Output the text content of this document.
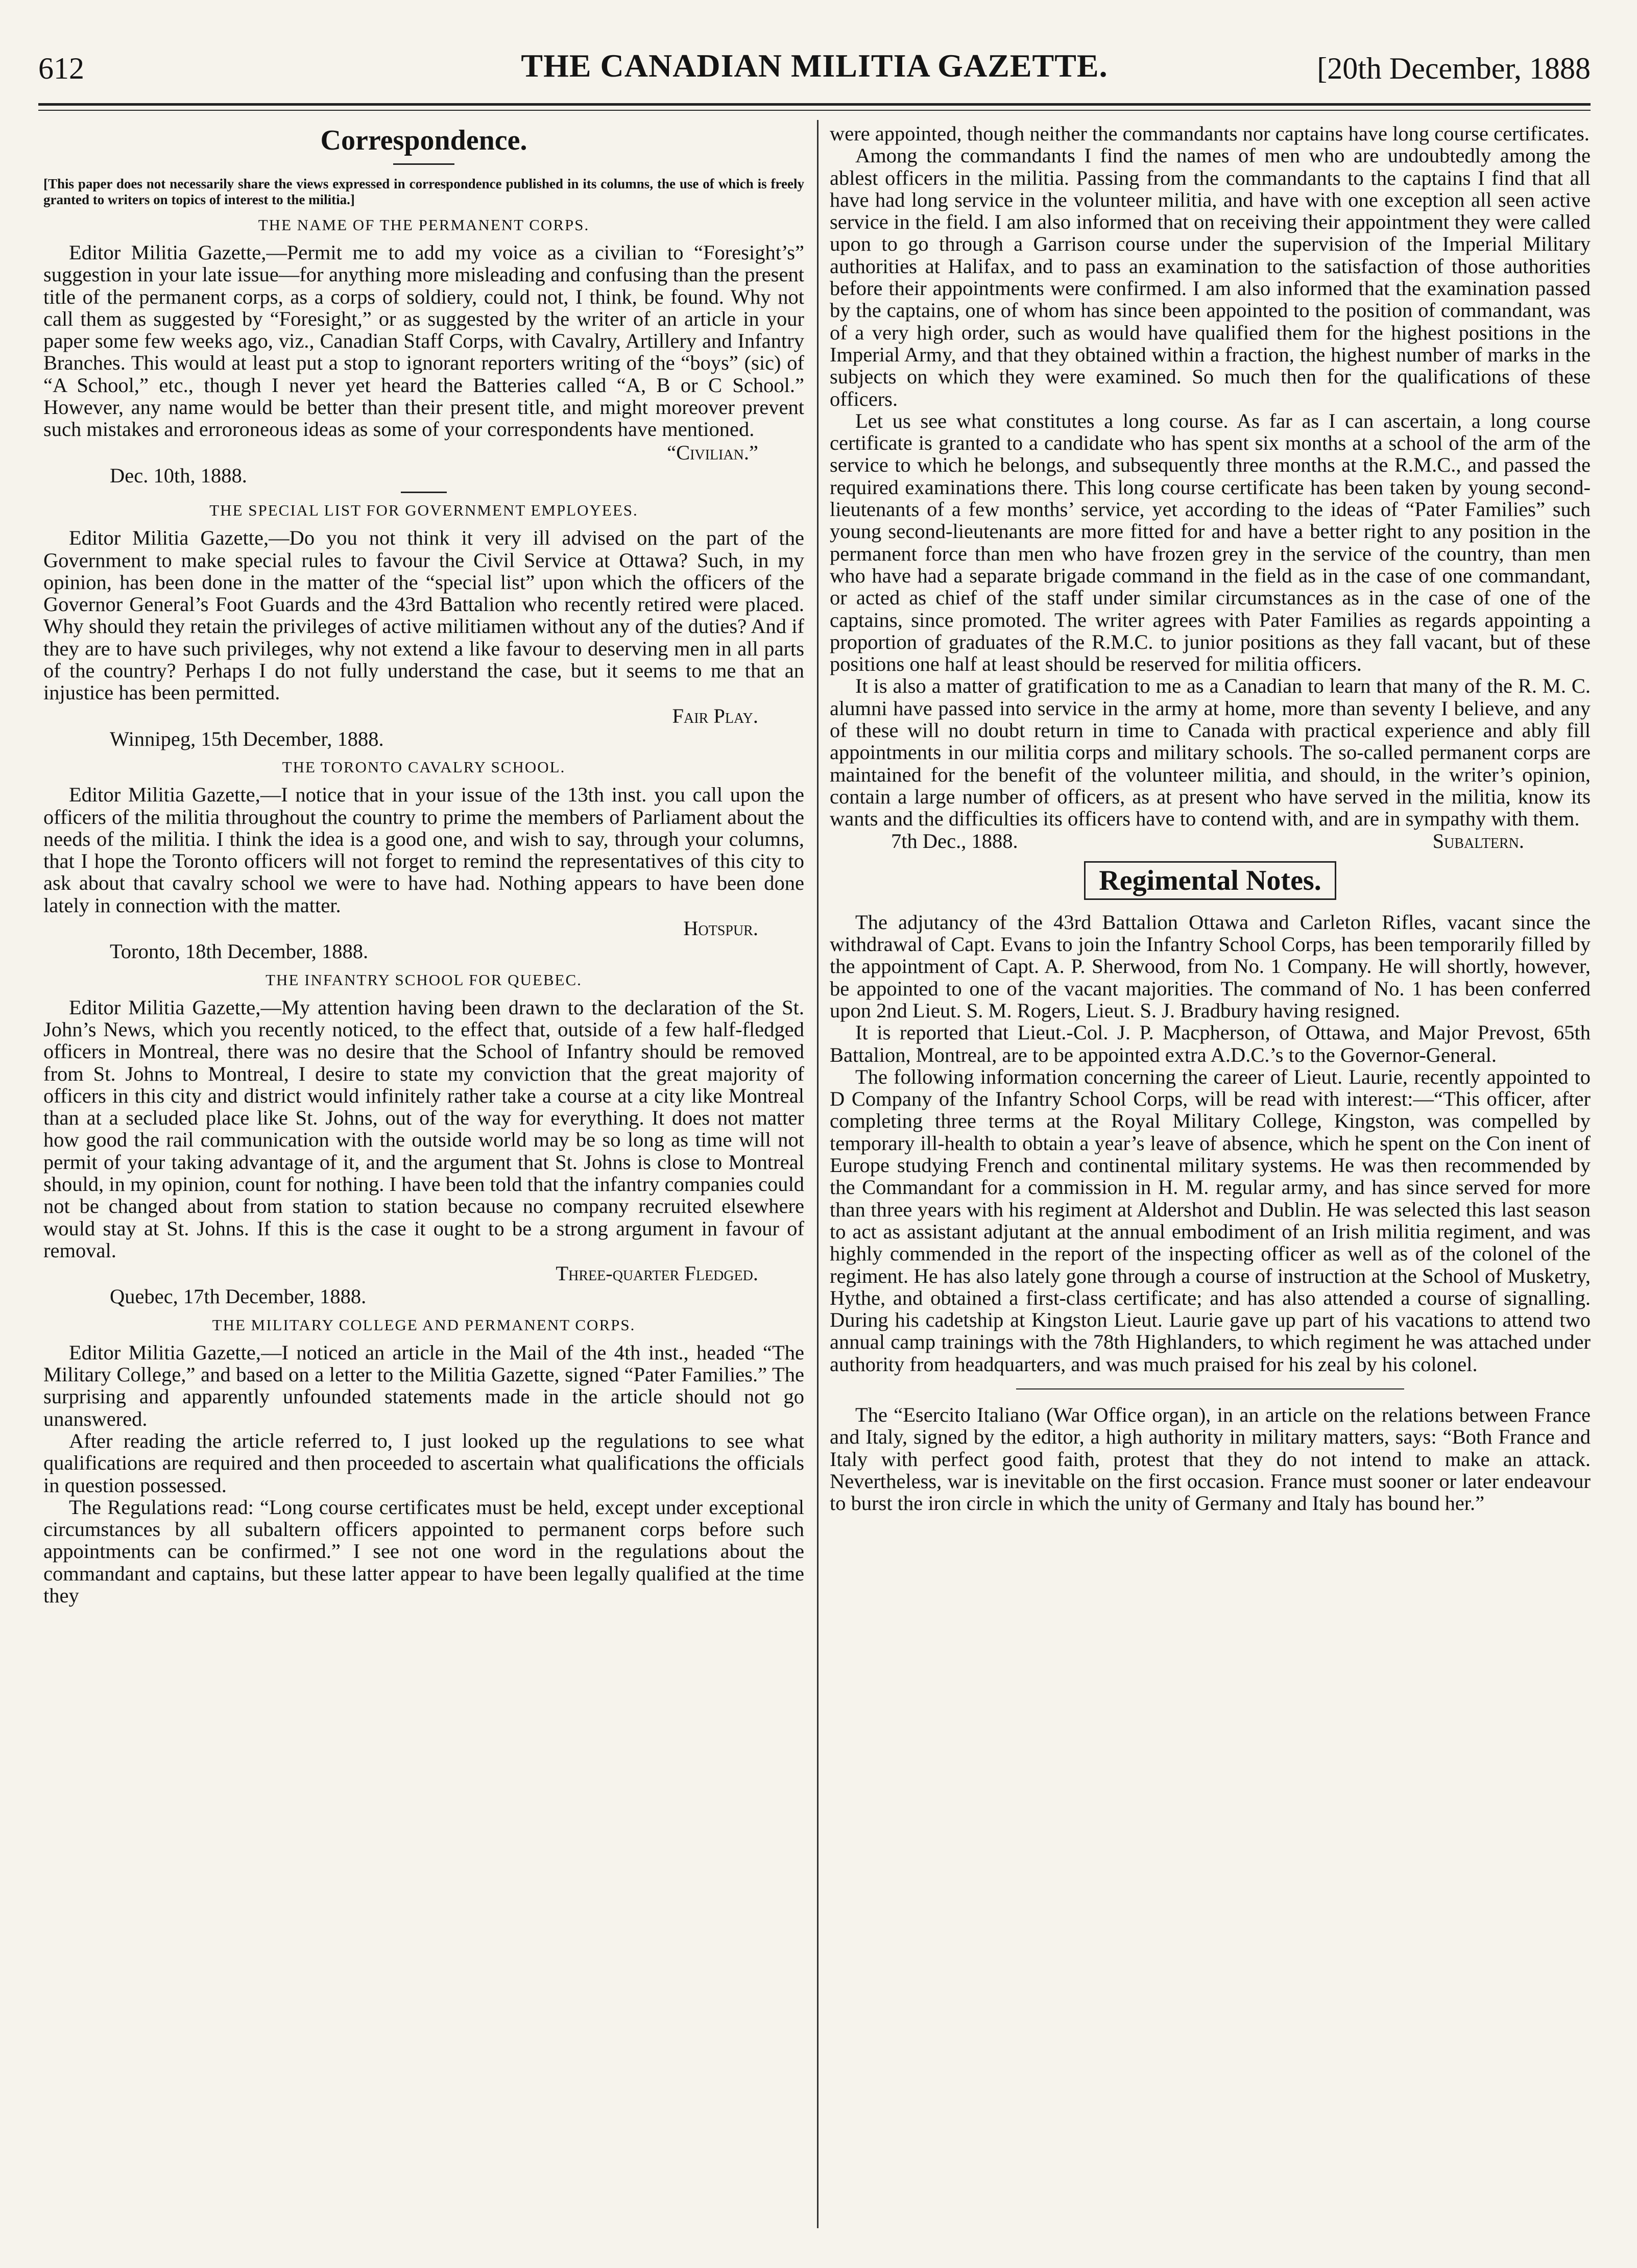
612	THE CANADIAN MILITIA GAZETTE.	[20th December, 1888
Correspondence.

[This paper does not necessarily share the views expressed in correspondence published in its columns, the use of which is freely granted to writers on topics of interest to the militia.]

THE NAME OF THE PERMANENT CORPS.

Editor Militia Gazette,—Permit me to add my voice as a civilian to “Foresight’s” suggestion in your late issue—for anything more misleading and confusing than the present title of the permanent corps, as a corps of soldiery, could not, I think, be found. Why not call them as suggested by “Foresight,” or as suggested by the writer of an article in your paper some few weeks ago, viz., Canadian Staff Corps, with Cavalry, Artillery and Infantry Branches. This would at least put a stop to ignorant reporters writing of the “boys” (sic) of “A School,” etc., though I never yet heard the Batteries called “A, B or C School.” However, any name would be better than their present title, and might moreover prevent such mistakes and erroroneous ideas as some of your correspondents have mentioned.

“Civilian.”
Dec. 10th, 1888.
THE SPECIAL LIST FOR GOVERNMENT EMPLOYEES.

Editor Militia Gazette,—Do you not think it very ill advised on the part of the Government to make special rules to favour the Civil Service at Ottawa? Such, in my opinion, has been done in the matter of the “special list” upon which the officers of the Governor General’s Foot Guards and the 43rd Battalion who recently retired were placed. Why should they retain the privileges of active militiamen without any of the duties? And if they are to have such privileges, why not extend a like favour to deserving men in all parts of the country? Perhaps I do not fully understand the case, but it seems to me that an injustice has been permitted.

Fair Play.
Winnipeg, 15th December, 1888.
THE TORONTO CAVALRY SCHOOL.

Editor Militia Gazette,—I notice that in your issue of the 13th inst. you call upon the officers of the militia throughout the country to prime the members of Parliament about the needs of the militia. I think the idea is a good one, and wish to say, through your columns, that I hope the Toronto officers will not forget to remind the representatives of this city to ask about that cavalry school we were to have had. Nothing appears to have been done lately in connection with the matter.

Hotspur.
Toronto, 18th December, 1888.
THE INFANTRY SCHOOL FOR QUEBEC.

Editor Militia Gazette,—My attention having been drawn to the declaration of the St. John’s News, which you recently noticed, to the effect that, outside of a few half-fledged officers in Montreal, there was no desire that the School of Infantry should be removed from St. Johns to Montreal, I desire to state my conviction that the great majority of officers in this city and district would infinitely rather take a course at a city like Montreal than at a secluded place like St. Johns, out of the way for everything. It does not matter how good the rail communication with the outside world may be so long as time will not permit of your taking advantage of it, and the argument that St. Johns is close to Montreal should, in my opinion, count for nothing. I have been told that the infantry companies could not be changed about from station to station because no company recruited elsewhere would stay at St. Johns. If this is the case it ought to be a strong argument in favour of removal.

Three-quarter Fledged.
Quebec, 17th December, 1888.
THE MILITARY COLLEGE AND PERMANENT CORPS.

Editor Militia Gazette,—I noticed an article in the Mail of the 4th inst., headed “The Military College,” and based on a letter to the Militia Gazette, signed “Pater Families.” The surprising and apparently unfounded statements made in the article should not go unanswered.

After reading the article referred to, I just looked up the regulations to see what qualifications are required and then proceeded to ascertain what qualifications the officials in question possessed.

The Regulations read: “Long course certificates must be held, except under exceptional circumstances by all subaltern officers appointed to permanent corps before such appointments can be confirmed.” I see not one word in the regulations about the commandant and captains, but these latter appear to have been legally qualified at the time they

were appointed, though neither the commandants nor captains have long course certificates.

Among the commandants I find the names of men who are undoubtedly among the ablest officers in the militia. Passing from the commandants to the captains I find that all have had long service in the volunteer militia, and have with one exception all seen active service in the field. I am also informed that on receiving their appointment they were called upon to go through a Garrison course under the supervision of the Imperial Military authorities at Halifax, and to pass an examination to the satisfaction of those authorities before their appointments were confirmed. I am also informed that the examination passed by the captains, one of whom has since been appointed to the position of commandant, was of a very high order, such as would have qualified them for the highest positions in the Imperial Army, and that they obtained within a fraction, the highest number of marks in the subjects on which they were examined. So much then for the qualifications of these officers.

Let us see what constitutes a long course. As far as I can ascertain, a long course certificate is granted to a candidate who has spent six months at a school of the arm of the service to which he belongs, and subsequently three months at the R.M.C., and passed the required examinations there. This long course certificate has been taken by young second-lieutenants of a few months’ service, yet according to the ideas of “Pater Families” such young second-lieutenants are more fitted for and have a better right to any position in the permanent force than men who have frozen grey in the service of the country, than men who have had a separate brigade command in the field as in the case of one commandant, or acted as chief of the staff under similar circumstances as in the case of one of the captains, since promoted. The writer agrees with Pater Families as regards appointing a proportion of graduates of the R.M.C. to junior positions as they fall vacant, but of these positions one half at least should be reserved for militia officers.

It is also a matter of gratification to me as a Canadian to learn that many of the R. M. C. alumni have passed into service in the army at home, more than seventy I believe, and any of these will no doubt return in time to Canada with practical experience and ably fill appointments in our militia corps and military schools. The so-called permanent corps are maintained for the benefit of the volunteer militia, and should, in the writer’s opinion, contain a large number of officers, as at present who have served in the militia, know its wants and the difficulties its officers have to contend with, and are in sympathy with them.

7th Dec., 1888.	Subaltern.
Regimental Notes.

The adjutancy of the 43rd Battalion Ottawa and Carleton Rifles, vacant since the withdrawal of Capt. Evans to join the Infantry School Corps, has been temporarily filled by the appointment of Capt. A. P. Sherwood, from No. 1 Company. He will shortly, however, be appointed to one of the vacant majorities. The command of No. 1 has been conferred upon 2nd Lieut. S. M. Rogers, Lieut. S. J. Bradbury having resigned.

It is reported that Lieut.-Col. J. P. Macpherson, of Ottawa, and Major Prevost, 65th Battalion, Montreal, are to be appointed extra A.D.C.’s to the Governor-General.

The following information concerning the career of Lieut. Laurie, recently appointed to D Company of the Infantry School Corps, will be read with interest:—“This officer, after completing three terms at the Royal Military College, Kingston, was compelled by temporary ill-health to obtain a year’s leave of absence, which he spent on the Con inent of Europe studying French and continental military systems. He was then recommended by the Commandant for a commission in H. M. regular army, and has since served for more than three years with his regiment at Aldershot and Dublin. He was selected this last season to act as assistant adjutant at the annual embodiment of an Irish militia regiment, and was highly commended in the report of the inspecting officer as well as of the colonel of the regiment. He has also lately gone through a course of instruction at the School of Musketry, Hythe, and obtained a first-class certificate; and has also attended a course of signalling. During his cadetship at Kingston Lieut. Laurie gave up part of his vacations to attend two annual camp trainings with the 78th Highlanders, to which regiment he was attached under authority from headquarters, and was much praised for his zeal by his colonel.

The “Esercito Italiano (War Office organ), in an article on the relations between France and Italy, signed by the editor, a high authority in military matters, says: “Both France and Italy with perfect good faith, protest that they do not intend to make an attack. Nevertheless, war is inevitable on the first occasion. France must sooner or later endeavour to burst the iron circle in which the unity of Germany and Italy has bound her.”
